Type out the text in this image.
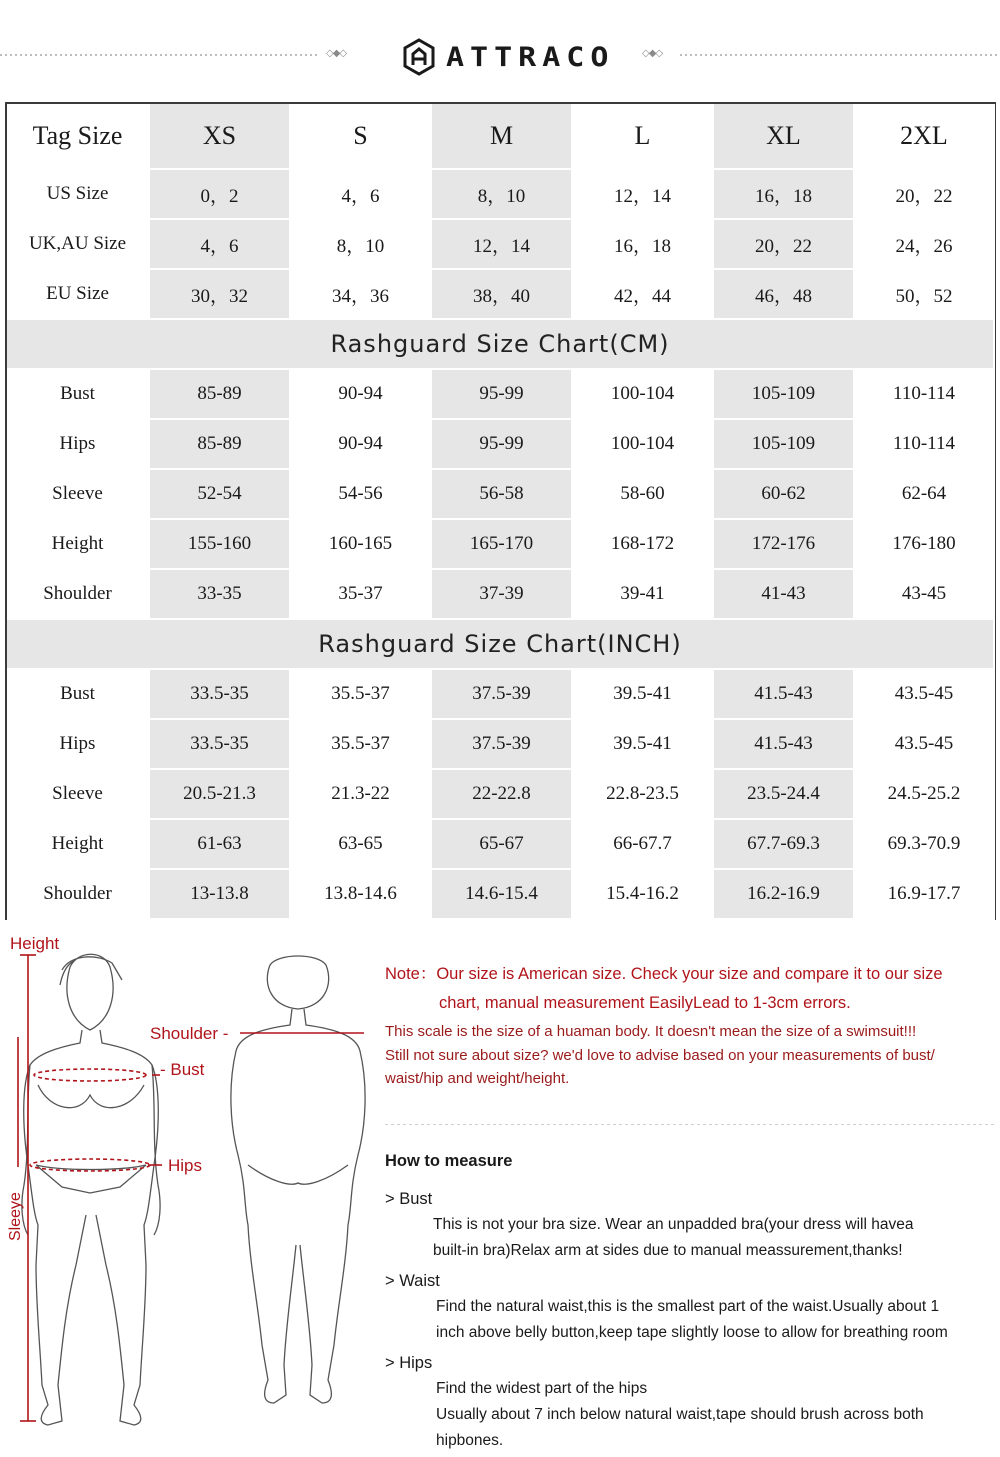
◇◆◇	◇◆◇
ATTRACO
Tag Size	XS	S	M	L	XL	2XL
US Size	0，2	4，6	8，10	12，14	16，18	20，22
UK,AU Size	4，6	8，10	12，14	16，18	20，22	24，26
EU Size	30，32	34，36	38，40	42，44	46，48	50，52
Rashguard Size Chart(CM)						
Bust	85-89	90-94	95-99	100-104	105-109	110-114
Hips	85-89	90-94	95-99	100-104	105-109	110-114
Sleeve	52-54	54-56	56-58	58-60	60-62	62-64
Height	155-160	160-165	165-170	168-172	172-176	176-180
Shoulder	33-35	35-37	37-39	39-41	41-43	43-45
Rashguard Size Chart(INCH)						
Bust	33.5-35	35.5-37	37.5-39	39.5-41	41.5-43	43.5-45
Hips	33.5-35	35.5-37	37.5-39	39.5-41	41.5-43	43.5-45
Sleeve	20.5-21.3	21.3-22	22-22.8	22.8-23.5	23.5-24.4	24.5-25.2
Height	61-63	63-65	65-67	66-67.7	67.7-69.3	69.3-70.9
Shoulder	13-13.8	13.8-14.6	14.6-15.4	15.4-16.2	16.2-16.9	16.9-17.7
Height
Shoulder -
- Bust
Hips
Sleeye
Note：Our size is American size. Check your size and compare it to our size
chart, manual measurement EasilyLead to 1-3cm errors.
This scale is the size of a huaman body. It doesn't mean the size of a swimsuit!!!
Still not sure about size? we'd love to advise based on your measurements of bust/
waist/hip and weight/height.
How to measure
> Bust
This is not your bra size. Wear an unpadded bra(your dress will havea
built-in bra)Relax arm at sides due to manual meassurement,thanks!
> Waist
Find the natural waist,this is the smallest part of the waist.Usually about 1
inch above belly button,keep tape slightly loose to allow for breathing room
> Hips
Find the widest part of the hips
Usually about 7 inch below natural waist,tape should brush across both
hipbones.
